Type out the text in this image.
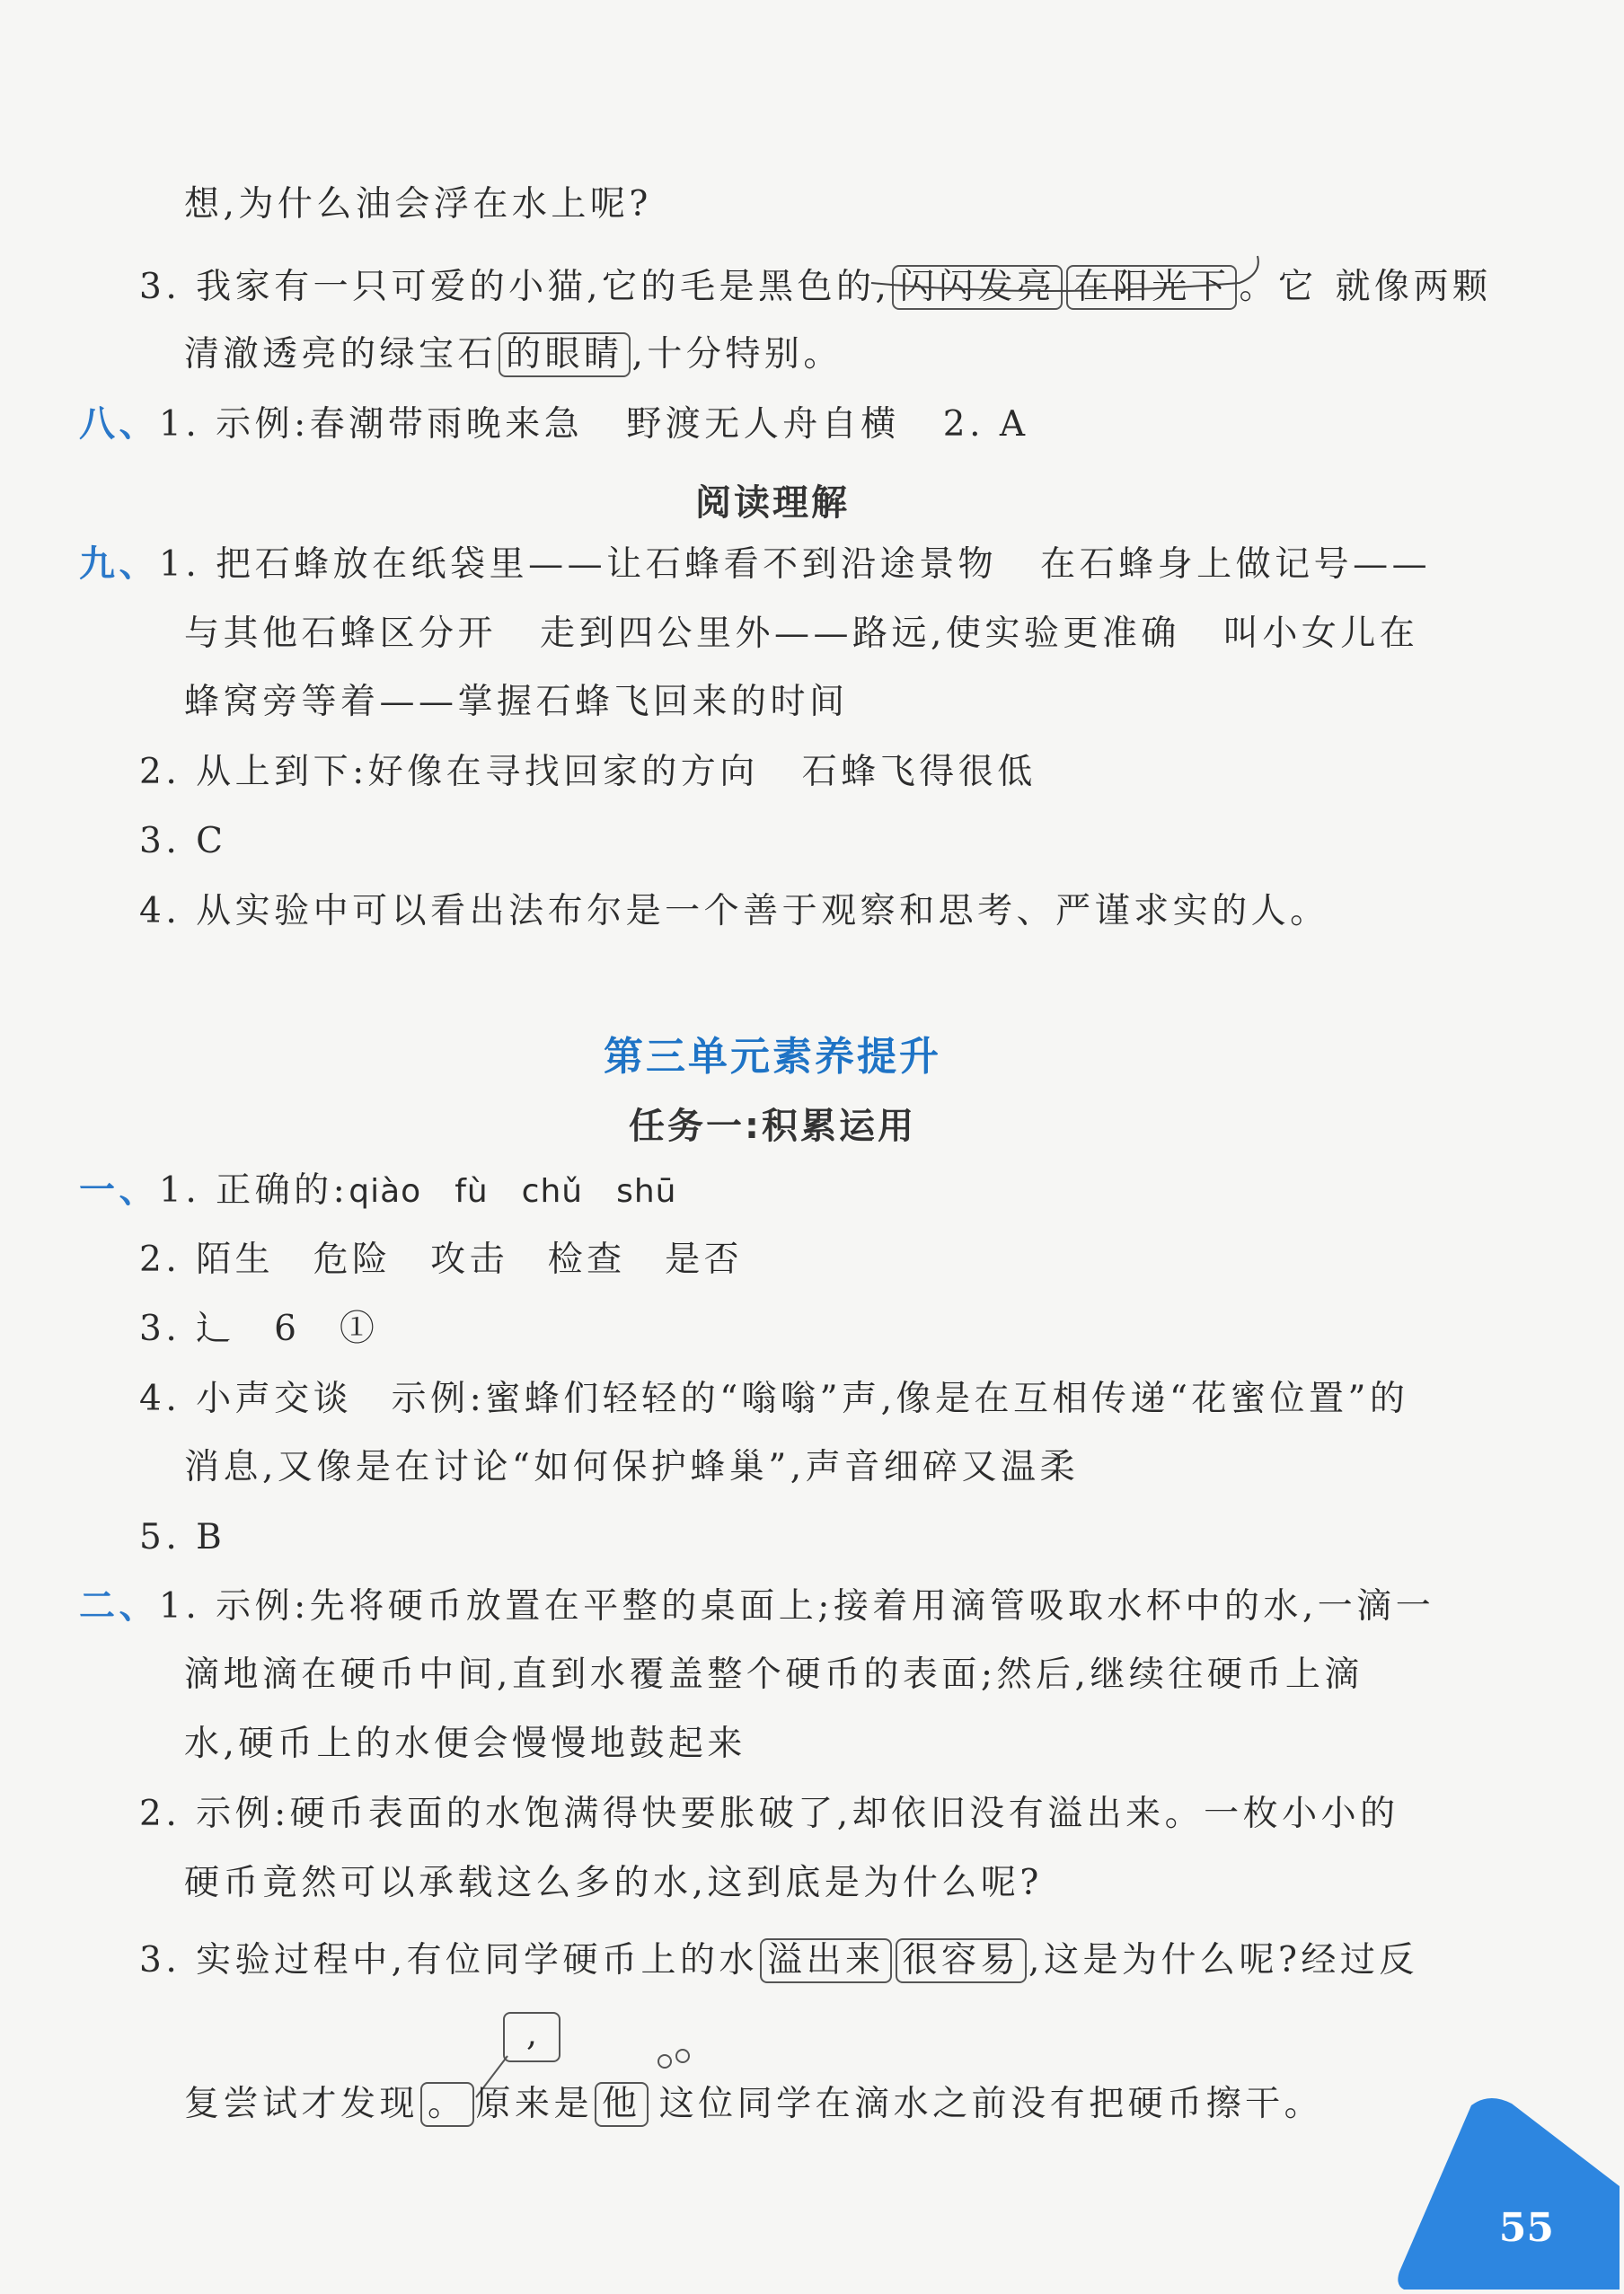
想,为什么油会浮在水上呢?
3. 我家有一只可爱的小猫,它的毛是黑色的, 闪闪发亮 在阳光下 。它 就像两颗
清澈透亮的绿宝石 的眼睛 ,十分特别。
八、1. 示例:春潮带雨晚来急 野渡无人舟自横 2. A
阅读理解
九、1. 把石蜂放在纸袋里——让石蜂看不到沿途景物 在石蜂身上做记号——
与其他石蜂区分开 走到四公里外——路远,使实验更准确 叫小女儿在
蜂窝旁等着——掌握石蜂飞回来的时间
2. 从上到下:好像在寻找回家的方向 石蜂飞得很低
3. C
4. 从实验中可以看出法布尔是一个善于观察和思考、严谨求实的人。
第三单元素养提升
任务一:积累运用
一、1. 正确的:qiào　fù　chǔ　shū
2. 陌生　危险　攻击　检查　是否
3. 辶　6　①
4. 小声交谈　示例:蜜蜂们轻轻的“嗡嗡”声,像是在互相传递“花蜜位置”的
消息,又像是在讨论“如何保护蜂巢”,声音细碎又温柔
5. B
二、1. 示例:先将硬币放置在平整的桌面上;接着用滴管吸取水杯中的水,一滴一
滴地滴在硬币中间,直到水覆盖整个硬币的表面;然后,继续往硬币上滴
水,硬币上的水便会慢慢地鼓起来
2. 示例:硬币表面的水饱满得快要胀破了,却依旧没有溢出来。一枚小小的
硬币竟然可以承载这么多的水,这到底是为什么呢?
3. 实验过程中,有位同学硬币上的水 溢出来 很容易 ,这是为什么呢?经过反
,
复尝试才发现 。 原来是 他 这位同学在滴水之前没有把硬币擦干。
55
